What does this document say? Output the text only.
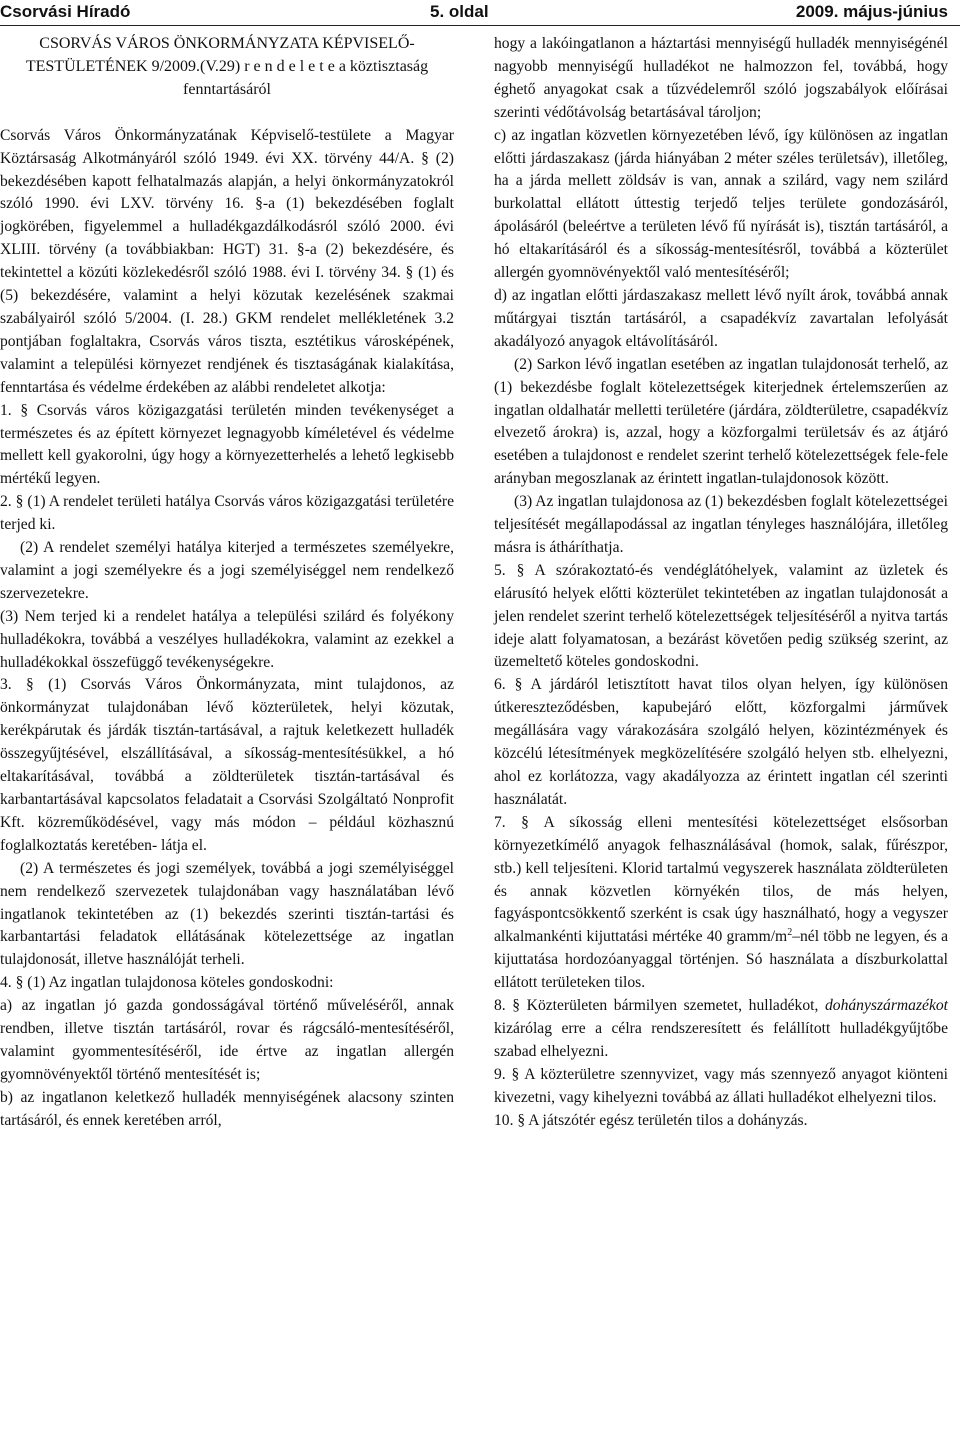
Csorvási Híradó	5. oldal	2009. május-június

CSORVÁS VÁROS ÖNKORMÁNYZATA KÉPVISELŐ-TESTÜLETÉNEK 9/2009.(V.29) r e n d e l e t e a köztisztaság fenntartásáról

Csorvás Város Önkormányzatának Képviselő-testülete a Magyar Köztársaság Alkotmányáról szóló 1949. évi XX. törvény 44/A. § (2) bekezdésében kapott felhatalmazás alapján, a helyi önkormányzatokról szóló 1990. évi LXV. törvény 16. §-a (1) bekezdésében foglalt jogkörében, figyelemmel a hulladékgazdálkodásról szóló 2000. évi XLIII. törvény (a továbbiakban: HGT) 31. §-a (2) bekezdésére, és tekintettel a közúti közlekedésről szóló 1988. évi I. törvény 34. § (1) és (5) bekezdésére, valamint a helyi közutak kezelésének szakmai szabályairól szóló 5/2004. (I. 28.) GKM rendelet mellékletének 3.2 pontjában foglaltakra, Csorvás város tiszta, esztétikus városképének, valamint a települési környezet rendjének és tisztaságának kialakítása, fenntartása és védelme érdekében az alábbi rendeletet alkotja:

1. § Csorvás város közigazgatási területén minden tevékenységet a természetes és az épített környezet legnagyobb kíméletével és védelme mellett kell gyakorolni, úgy hogy a környezetterhelés a lehető legkisebb mértékű legyen.

2. § (1) A rendelet területi hatálya Csorvás város közigazgatási területére terjed ki.

(2) A rendelet személyi hatálya kiterjed a természetes személyekre, valamint a jogi személyekre és a jogi személyiséggel nem rendelkező szervezetekre.

(3) Nem terjed ki a rendelet hatálya a települési szilárd és folyékony hulladékokra, továbbá a veszélyes hulladékokra, valamint az ezekkel a hulladékokkal összefüggő tevékenységekre.

3. § (1) Csorvás Város Önkormányzata, mint tulajdonos, az önkormányzat tulajdonában lévő közterületek, helyi közutak, kerékpárutak és járdák tisztán-tartásával, a rajtuk keletkezett hulladék összegyűjtésével, elszállításával, a síkosság-mentesítésükkel, a hó eltakarításával, továbbá a zöldterületek tisztán-tartásával és karbantartásával kapcsolatos feladatait a Csorvási Szolgáltató Nonprofit Kft. közreműködésével, vagy más módon – például közhasznú foglalkoztatás keretében- látja el.

(2) A természetes és jogi személyek, továbbá a jogi személyiséggel nem rendelkező szervezetek tulajdonában vagy használatában lévő ingatlanok tekintetében az (1) bekezdés szerinti tisztán-tartási és karbantartási feladatok ellátásának kötelezettsége az ingatlan tulajdonosát, illetve használóját terheli.

4. § (1) Az ingatlan tulajdonosa köteles gondoskodni:

a) az ingatlan jó gazda gondosságával történő műveléséről, annak rendben, illetve tisztán tartásáról, rovar és rágcsáló-mentesítéséről, valamint gyommentesítéséről, ide értve az ingatlan allergén gyomnövényektől történő mentesítését is;

b) az ingatlanon keletkező hulladék mennyiségének alacsony szinten tartásáról, és ennek keretében arról,

hogy a lakóingatlanon a háztartási mennyiségű hulladék mennyiségénél nagyobb mennyiségű hulladékot ne halmozzon fel, továbbá, hogy éghető anyagokat csak a tűzvédelemről szóló jogszabályok előírásai szerinti védőtávolság betartásával tároljon;

c) az ingatlan közvetlen környezetében lévő, így különösen az ingatlan előtti járdaszakasz (járda hiányában 2 méter széles területsáv), illetőleg, ha a járda mellett zöldsáv is van, annak a szilárd, vagy nem szilárd burkolattal ellátott úttestig terjedő teljes területe gondozásáról, ápolásáról (beleértve a területen lévő fű nyírását is), tisztán tartásáról, a hó eltakarításáról és a síkosság-mentesítésről, továbbá a közterület allergén gyomnövényektől való mentesítéséről;

d) az ingatlan előtti járdaszakasz mellett lévő nyílt árok, továbbá annak műtárgyai tisztán tartásáról, a csapadékvíz zavartalan lefolyását akadályozó anyagok eltávolításáról.

(2) Sarkon lévő ingatlan esetében az ingatlan tulajdonosát terhelő, az (1) bekezdésbe foglalt kötelezettségek kiterjednek értelemszerűen az ingatlan oldalhatár melletti területére (járdára, zöldterületre, csapadékvíz elvezető árokra) is, azzal, hogy a közforgalmi területsáv és az átjáró esetében a tulajdonost e rendelet szerint terhelő kötelezettségek fele-fele arányban megoszlanak az érintett ingatlan-tulajdonosok között.

(3) Az ingatlan tulajdonosa az (1) bekezdésben foglalt kötelezettségei teljesítését megállapodással az ingatlan tényleges használójára, illetőleg másra is átháríthatja.

5. § A szórakoztató-és vendéglátóhelyek, valamint az üzletek és elárusító helyek előtti közterület tekintetében az ingatlan tulajdonosát a jelen rendelet szerint terhelő kötelezettségek teljesítéséről a nyitva tartás ideje alatt folyamatosan, a bezárást követően pedig szükség szerint, az üzemeltető köteles gondoskodni.

6. § A járdáról letisztított havat tilos olyan helyen, így különösen útkereszteződésben, kapubejáró előtt, közforgalmi járművek megállására vagy várakozására szolgáló helyen, közintézmények és közcélú létesítmények megközelítésére szolgáló helyen stb. elhelyezni, ahol ez korlátozza, vagy akadályozza az érintett ingatlan cél szerinti használatát.

7. § A síkosság elleni mentesítési kötelezettséget elsősorban környezetkímélő anyagok felhasználásával (homok, salak, fűrészpor, stb.) kell teljesíteni. Klorid tartalmú vegyszerek használata zöldterületen és annak közvetlen környékén tilos, de más helyen, fagyáspontcsökkentő szerként is csak úgy használható, hogy a vegyszer alkalmankénti kijuttatási mértéke 40 gramm/$m^2$–nél több ne legyen, és a kijuttatása hordozóanyaggal történjen. Só használata a díszburkolattal ellátott területeken tilos.

8. § Közterületen bármilyen szemetet, hulladékot, dohányszármazékot kizárólag erre a célra rendszeresített és felállított hulladékgyűjtőbe szabad elhelyezni.

9. § A közterületre szennyvizet, vagy más szennyező anyagot kiönteni kivezetni, vagy kihelyezni továbbá az állati hulladékot elhelyezni tilos.

10. § A játszótér egész területén tilos a dohányzás.
